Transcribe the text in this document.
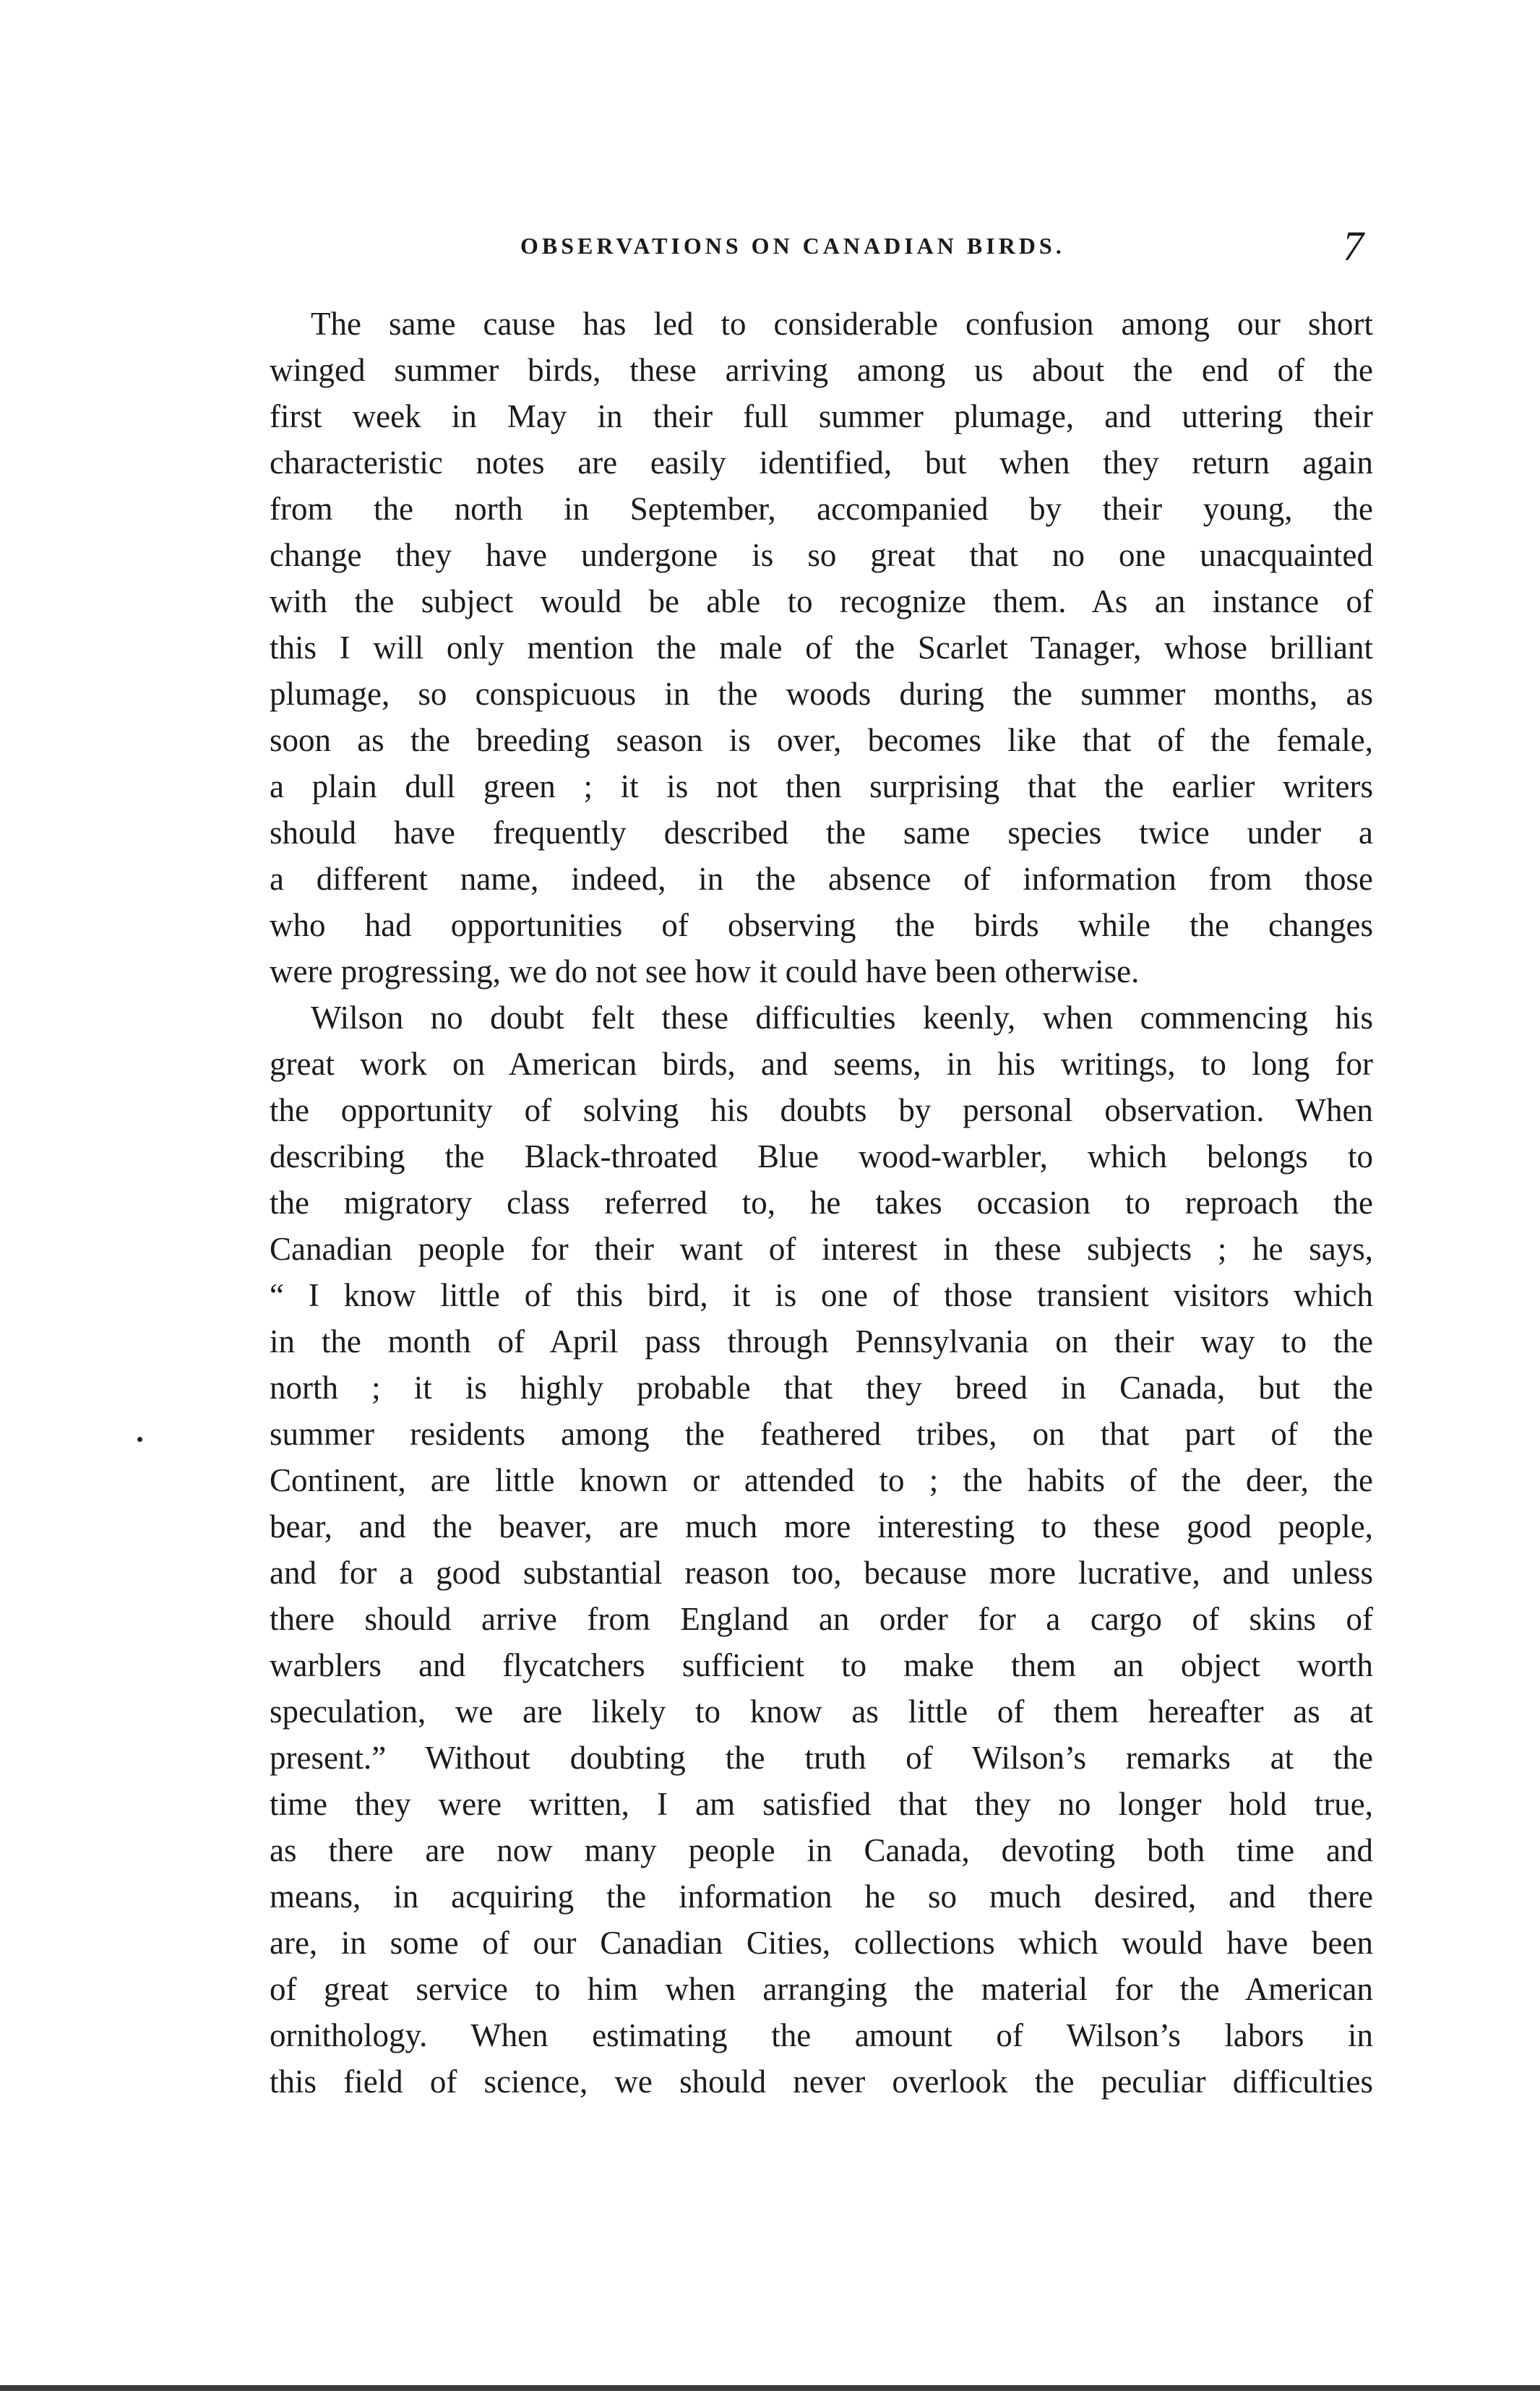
OBSERVATIONS ON CANADIAN BIRDS.	7
The same cause has led to considerable confusion among our short
winged summer birds, these arriving among us about the end of the
first week in May in their full summer plumage, and uttering their
characteristic notes are easily identified, but when they return again
from the north in September, accompanied by their young, the
change they have undergone is so great that no one unacquainted
with the subject would be able to recognize them. As an instance of
this I will only mention the male of the Scarlet Tanager, whose brilliant
plumage, so conspicuous in the woods during the summer months, as
soon as the breeding season is over, becomes like that of the female,
a plain dull green ; it is not then surprising that the earlier writers
should have frequently described the same species twice under a
a different name, indeed, in the absence of information from those
who had opportunities of observing the birds while the changes
were progressing, we do not see how it could have been otherwise.
Wilson no doubt felt these difficulties keenly, when commencing his
great work on American birds, and seems, in his writings, to long for
the opportunity of solving his doubts by personal observation. When
describing the Black-throated Blue wood-warbler, which belongs to
the migratory class referred to, he takes occasion to reproach the
Canadian people for their want of interest in these subjects ; he says,
“ I know little of this bird, it is one of those transient visitors which
in the month of April pass through Pennsylvania on their way to the
north ; it is highly probable that they breed in Canada, but the
summer residents among the feathered tribes, on that part of the
Continent, are little known or attended to ; the habits of the deer, the
bear, and the beaver, are much more interesting to these good people,
and for a good substantial reason too, because more lucrative, and unless
there should arrive from England an order for a cargo of skins of
warblers and flycatchers sufficient to make them an object worth
speculation, we are likely to know as little of them hereafter as at
present.” Without doubting the truth of Wilson’s remarks at the
time they were written, I am satisfied that they no longer hold true,
as there are now many people in Canada, devoting both time and
means, in acquiring the information he so much desired, and there
are, in some of our Canadian Cities, collections which would have been
of great service to him when arranging the material for the American
ornithology. When estimating the amount of Wilson’s labors in
this field of science, we should never overlook the peculiar difficulties
